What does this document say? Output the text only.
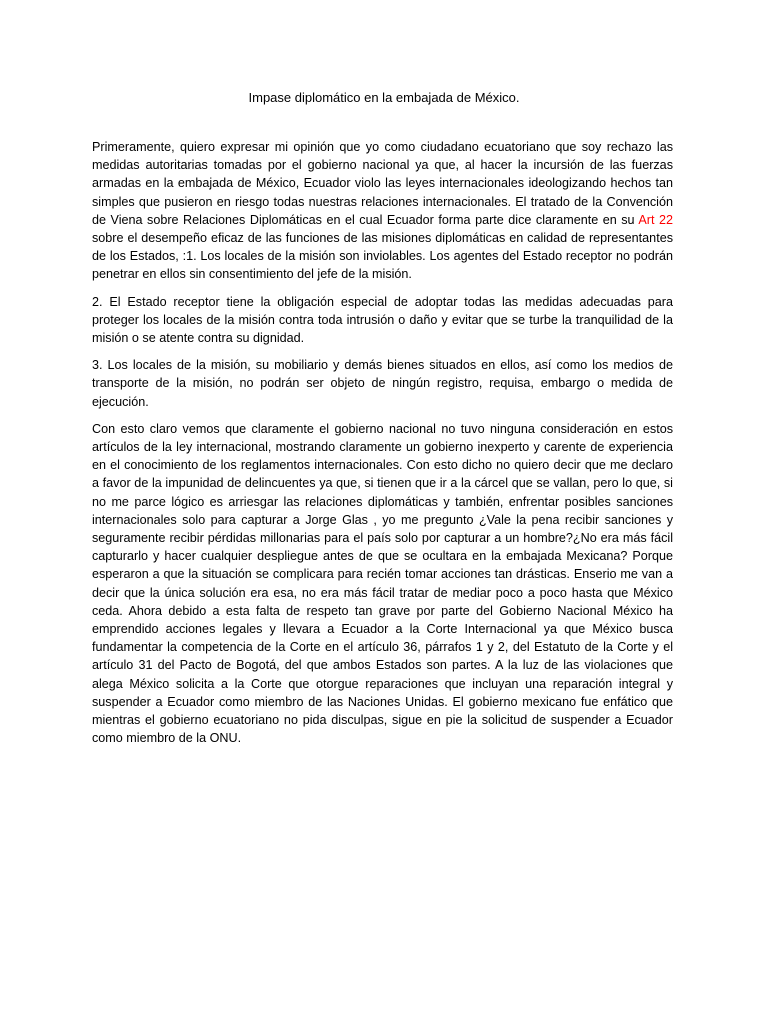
Impase diplomático en la embajada de México.

Primeramente, quiero expresar mi opinión que yo como ciudadano ecuatoriano que soy rechazo las medidas autoritarias tomadas por el gobierno nacional ya que, al hacer la incursión de las fuerzas armadas en la embajada de México, Ecuador violo las leyes internacionales ideologizando hechos tan simples que pusieron en riesgo todas nuestras relaciones internacionales. El tratado de la Convención de Viena sobre Relaciones Diplomáticas en el cual Ecuador forma parte dice claramente en su Art 22 sobre el desempeño eficaz de las funciones de las misiones diplomáticas en calidad de representantes de los Estados, :1. Los locales de la misión son inviolables. Los agentes del Estado receptor no podrán penetrar en ellos sin consentimiento del jefe de la misión.

2. El Estado receptor tiene la obligación especial de adoptar todas las medidas adecuadas para proteger los locales de la misión contra toda intrusión o daño y evitar que se turbe la tranquilidad de la misión o se atente contra su dignidad.

3. Los locales de la misión, su mobiliario y demás bienes situados en ellos, así como los medios de transporte de la misión, no podrán ser objeto de ningún registro, requisa, embargo o medida de ejecución.

Con esto claro vemos que claramente el gobierno nacional no tuvo ninguna consideración en estos artículos de la ley internacional, mostrando claramente un gobierno inexperto y carente de experiencia en el conocimiento de los reglamentos internacionales. Con esto dicho no quiero decir que me declaro a favor de la impunidad de delincuentes ya que, si tienen que ir a la cárcel que se vallan, pero lo que, si no me parce lógico es arriesgar las relaciones diplomáticas y también, enfrentar posibles sanciones internacionales solo para capturar a Jorge Glas , yo me pregunto ¿Vale la pena recibir sanciones y seguramente recibir pérdidas millonarias para el país solo por capturar a un hombre?¿No era más fácil capturarlo y hacer cualquier despliegue antes de que se ocultara en la embajada Mexicana? Porque esperaron a que la situación se complicara para recién tomar acciones tan drásticas. Enserio me van a decir que la única solución era esa, no era más fácil tratar de mediar poco a poco hasta que México ceda. Ahora debido a esta falta de respeto tan grave por parte del Gobierno Nacional México ha emprendido acciones legales y llevara a Ecuador a la Corte Internacional ya que México busca fundamentar la competencia de la Corte en el artículo 36, párrafos 1 y 2, del Estatuto de la Corte y el artículo 31 del Pacto de Bogotá, del que ambos Estados son partes. A la luz de las violaciones que alega México solicita a la Corte que otorgue reparaciones que incluyan una reparación integral y suspender a Ecuador como miembro de las Naciones Unidas. El gobierno mexicano fue enfático que mientras el gobierno ecuatoriano no pida disculpas, sigue en pie la solicitud de suspender a Ecuador como miembro de la ONU.
